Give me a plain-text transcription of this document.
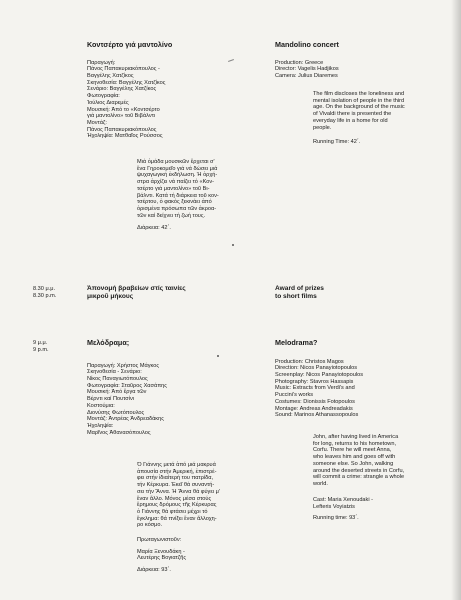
Κοντσέρτο γιά μαντολίνο
Παραγωγή:
Πάνος Παπακυριακόπουλος -
Βαγγέλης Χατζίκος
Σκηνοθεσία: Βαγγέλης Χατζίκος
Σενάριο: Βαγγέλης Χατζίκος
Φωτογραφία:
Ἰούλιος Διαρεμές
Μουσική: Ἀπό το «Κοντσέρτο
γιά μαντολίνο» τοῦ Βιβάλντι
Μοντάζ:
Πάνος Παπακυριακόπουλος
Ἠχοληψία: Ματθαῖος Ρούσσος
Μιά ὁμάδα μουσικῶν ἔρχεται σ'
ἕνα Γηροκομεῖο γιά νά δώσει μιά
ψυχαγωγική ἐκδήλωση. Ἡ ὀρχή-
στρα ἀρχίζει νά παίζει τό «Κον-
τσέρτο γιά μαντολίνο» τοῦ Βι-
βάλντι. Κατά τή διάρκεια τοῦ κον-
τσέρτου, ὁ φακός ξεκινάει ἀπό
ὁρισμένα πρόσωπα τῶν ἀκροα-
τῶν καί δείχνει τή ζωή τους.
Διάρκεια: 42΄.
Mandolino concert
Production: Greece
Director: Vagelis Hadjikos
Camera: Julius Diaremes
The film discloses the loneliness and
mental isolation of people in the third
age. On the background of the music
of Vivaldi there is presented the
everyday life in a home for old
people.
Running Time: 42΄.
8.30 μ.μ.
8.30 p.m.
Ἀπονομή βραβείων στίς ταινίες
μικροῦ μήκους
Award of prizes
to short films
9 μ.μ.
9 p.m.
Μελόδραμα;
Παραγωγή: Χρήστος Μάγκος
Σκηνοθεσία - Σενάριο:
Νίκος Παναγιωτόπουλος
Φωτογραφία: Σταῦρος Χασάπης
Μουσική: Ἀπό ἔργα τῶν
Βέρντι καί Πουτσίνι
Κοστούμια:
Διονύσης Φωτόπουλος
Μοντάζ: Ἀντρέας Ἀνδρεαδάκης
Ἠχοληψία:
Μαρῖνος Ἀθανασόπουλος
Ὁ Γιάννης μετά ἀπό μιά μακρυά
ἀπουσία στήν Ἀμερική, ἐπιστρέ-
φει στήν ἰδιαίτερή του πατρίδα,
τήν Κέρκυρα. Ἐκεῖ θά συναντή-
σει τήν Ἄννα. Ἡ Ἄννα θά φύγει μ'
ἕναν ἄλλο. Μόνος μέσα στούς
ἔρημους δρόμους τῆς Κέρκυρας
ὁ Γιάννης θά φτάσει μέχρι τό
ἔγκλημα: θά πνίξει ἕναν ἄλλοχη-
ρο κόσμο.
Πρωταγωνιστοῦν:
Μαρία Ξενουδάκη -
Λευτέρης Βογιατζῆς
Διάρκεια: 93΄.
Melodrama?
Production: Christos Magos
Direction: Nicos Panayiotopoulos
Screenplay: Nicos Panayiotopoulos
Photography: Stavros Hassapis
Music: Extracts from Verdi's and
Puccini's works
Costumes: Dionissis Fotopoulos
Montage: Andreas Andreadakis
Sound: Marinos Athanassopoulos
John, after having lived in America
for long, returns to his hometown,
Corfu. There he will meet Anna,
who leaves him and goes off with
someone else. So John, walking
around the deserted streets in Corfu,
will commit a crime: strangle a whole
world.
Cast: Maria Xenoudaki -
Lefteris Voyiatzis
Running time: 93΄.
